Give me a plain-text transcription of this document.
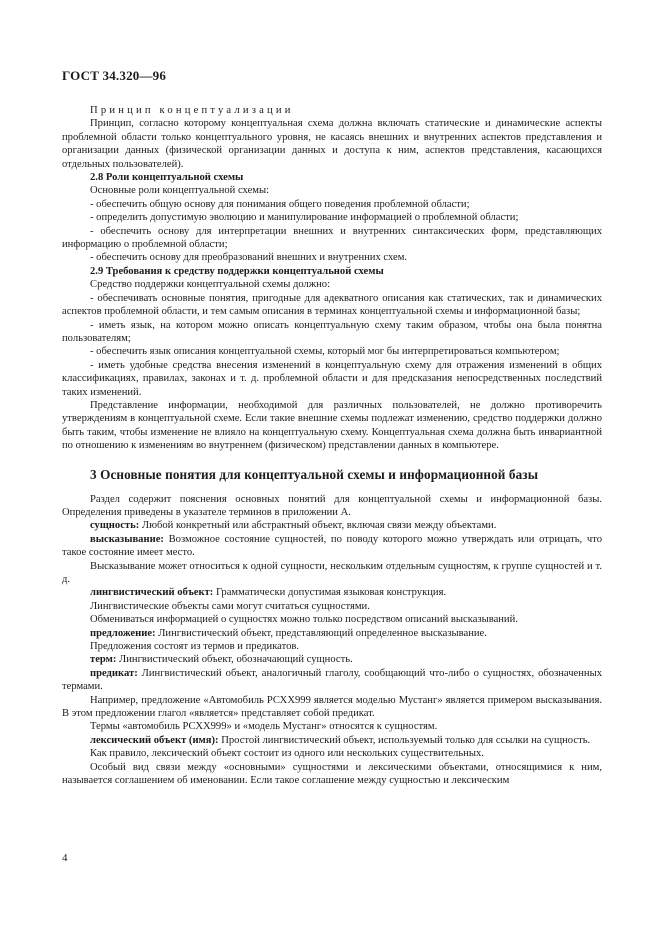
ГОСТ 34.320—96

Принцип концептуализации

Принцип, согласно которому концептуальная схема должна включать статические и динамические аспекты проблемной области только концептуального уровня, не касаясь внешних и внутренних аспектов представления и организации данных (физической организации данных и доступа к ним, аспектов представления, касающихся отдельных пользователей).

2.8 Роли концептуальной схемы

Основные роли концептуальной схемы:

- обеспечить общую основу для понимания общего поведения проблемной области;

- определить допустимую эволюцию и манипулирование информацией о проблемной области;

- обеспечить основу для интерпретации внешних и внутренних синтаксических форм, представляющих информацию о проблемной области;

- обеспечить основу для преобразований внешних и внутренних схем.

2.9 Требования к средству поддержки концептуальной схемы

Средство поддержки концептуальной схемы должно:

- обеспечивать основные понятия, пригодные для адекватного описания как статических, так и динамических аспектов проблемной области, и тем самым описания в терминах концептуальной схемы и информационной базы;

- иметь язык, на котором можно описать концептуальную схему таким образом, чтобы она была понятна пользователям;

- обеспечить язык описания концептуальной схемы, который мог бы интерпретироваться компьютером;

- иметь удобные средства внесения изменений в концептуальную схему для отражения изменений в общих классификациях, правилах, законах и т. д. проблемной области и для предсказания непосредственных последствий таких изменений.

Представление информации, необходимой для различных пользователей, не должно противоречить утверждениям в концептуальной схеме. Если такие внешние схемы подлежат изменению, средство поддержки должно быть таким, чтобы изменение не влияло на концептуальную схему. Концептуальная схема должна быть инвариантной по отношению к изменениям во внутреннем (физическом) представлении данных в компьютере.

3 Основные понятия для концептуальной схемы и информационной базы

Раздел содержит пояснения основных понятий для концептуальной схемы и информационной базы. Определения приведены в указателе терминов в приложении А.

сущность: Любой конкретный или абстрактный объект, включая связи между объектами.

высказывание: Возможное состояние сущностей, по поводу которого можно утверждать или отрицать, что такое состояние имеет место.

Высказывание может относиться к одной сущности, нескольким отдельным сущностям, к группе сущностей и т. д.

лингвистический объект: Грамматически допустимая языковая конструкция.

Лингвистические объекты сами могут считаться сущностями.

Обмениваться информацией о сущностях можно только посредством описаний высказываний.

предложение: Лингвистический объект, представляющий определенное высказывание.

Предложения состоят из термов и предикатов.

терм: Лингвистический объект, обозначающий сущность.

предикат: Лингвистический объект, аналогичный глаголу, сообщающий что-либо о сущностях, обозначенных термами.

Например, предложение «Автомобиль РСХХ999 является моделью Мустанг» является примером высказывания. В этом предложении глагол «является» представляет собой предикат.

Термы «автомобиль РСХХ999» и «модель Мустанг» относятся к сущностям.

лексический объект (имя): Простой лингвистический объект, используемый только для ссылки на сущность.

Как правило, лексический объект состоит из одного или нескольких существительных.

Особый вид связи между «основными» сущностями и лексическими объектами, относящимися к ним, называется соглашением об именовании. Если такое соглашение между сущностью и лексическим

4
